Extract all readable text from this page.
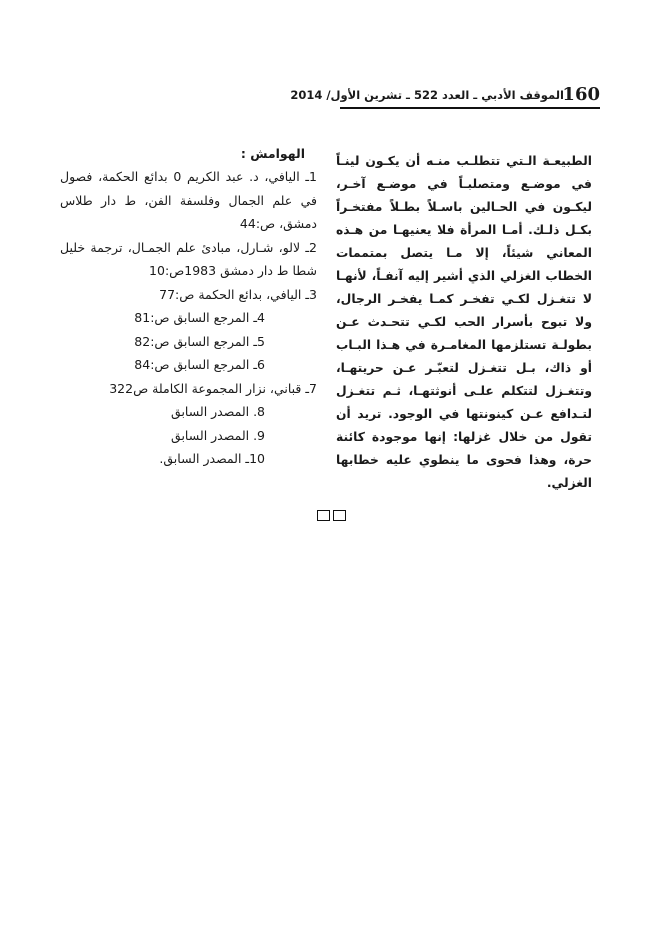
160
الموقف الأدبي ـ العدد 522 ـ تشرين الأول/ 2014

الطبيعـة الـتي تتطلـب منـه أن يكـون لينـاً في موضـع ومتصلبـاً في موضـع آخـر، ليكـون في الحـالين باسـلاً بطـلاً مفتخـراً بكـل ذلـك. أمـا المرأة فلا يعنيهـا من هـذه المعاني شيئاً، إلا مـا يتصل بمتممات الخطاب الغزلي الذي أشير إليه آنفـاً، لأنهـا لا تتغـزل لكـي تفخـر كمـا يفخـر الرجال، ولا تبوح بأسرار الحب لكـي تتحـدث عـن بطولـة تستلزمها المغامـرة في هـذا البـاب أو ذاك، بـل تتغـزل لتعبّـر عـن حريتهـا، وتتغـزل لتتكلم علـى أنوثتهـا، ثـم تتغـزل لتـدافع عـن كينونتها في الوجود. تريد أن تقول من خلال غزلها: إنها موجودة كائنة حرة، وهذا فحوى ما ينطوي عليه خطابها الغزلي.

الهوامش :

1ـ اليافي، د. عبد الكريم 0 بدائع الحكمة، فصول في علم الجمال وفلسفة الفن، ط دار طلاس دمشق، ص:44

2ـ لالو، شـارل، مبادئ علم الجمـال، ترجمة خليل شطا ط دار دمشق 1983ص:10

3ـ اليافي، بدائع الحكمة ص:77

4ـ المرجع السابق ص:81

5ـ المرجع السابق ص:82

6ـ المرجع السابق ص:84

7ـ قباني، نزار المجموعة الكاملة ص322

8. المصدر السابق

9. المصدر السابق

10ـ المصدر السابق.
